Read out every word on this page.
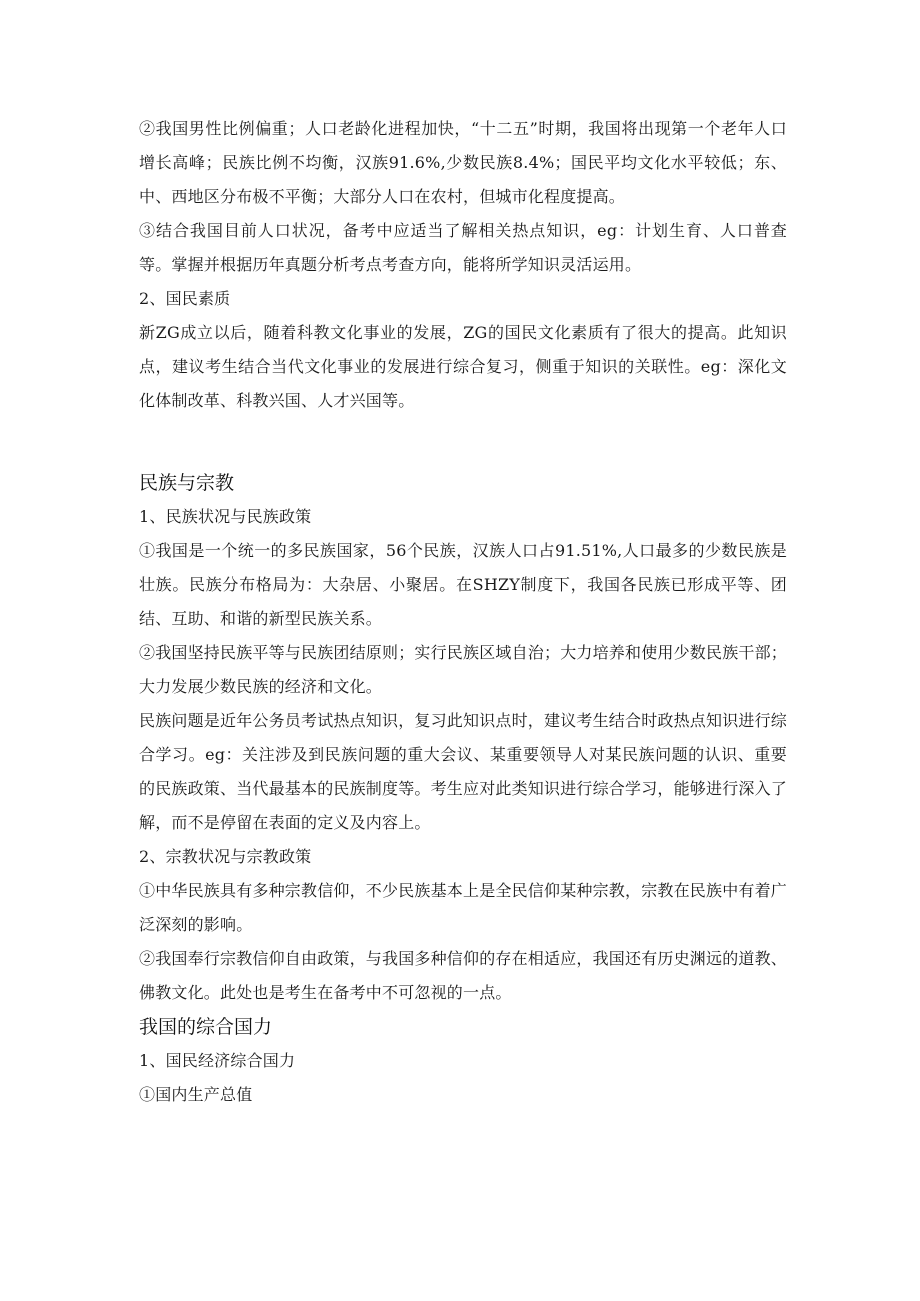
②我国男性比例偏重；人口老龄化进程加快，“十二五”时期，我国将出现第一个老年人口增长高峰；民族比例不均衡，汉族91.6%,少数民族8.4%；国民平均文化水平较低；东、中、西地区分布极不平衡；大部分人口在农村，但城市化程度提高。

③结合我国目前人口状况，备考中应适当了解相关热点知识，eg：计划生育、人口普查等。掌握并根据历年真题分析考点考查方向，能将所学知识灵活运用。

2、国民素质

新ZG成立以后，随着科教文化事业的发展，ZG的国民文化素质有了很大的提高。此知识点，建议考生结合当代文化事业的发展进行综合复习，侧重于知识的关联性。eg：深化文化体制改革、科教兴国、人才兴国等。

民族与宗教

1、民族状况与民族政策

①我国是一个统一的多民族国家，56个民族，汉族人口占91.51%,人口最多的少数民族是壮族。民族分布格局为：大杂居、小聚居。在SHZY制度下，我国各民族已形成平等、团结、互助、和谐的新型民族关系。

②我国坚持民族平等与民族团结原则；实行民族区域自治；大力培养和使用少数民族干部；大力发展少数民族的经济和文化。

民族问题是近年公务员考试热点知识，复习此知识点时，建议考生结合时政热点知识进行综合学习。eg：关注涉及到民族问题的重大会议、某重要领导人对某民族问题的认识、重要的民族政策、当代最基本的民族制度等。考生应对此类知识进行综合学习，能够进行深入了解，而不是停留在表面的定义及内容上。

2、宗教状况与宗教政策

①中华民族具有多种宗教信仰，不少民族基本上是全民信仰某种宗教，宗教在民族中有着广泛深刻的影响。

②我国奉行宗教信仰自由政策，与我国多种信仰的存在相适应，我国还有历史渊远的道教、佛教文化。此处也是考生在备考中不可忽视的一点。

我国的综合国力

1、国民经济综合国力

①国内生产总值
